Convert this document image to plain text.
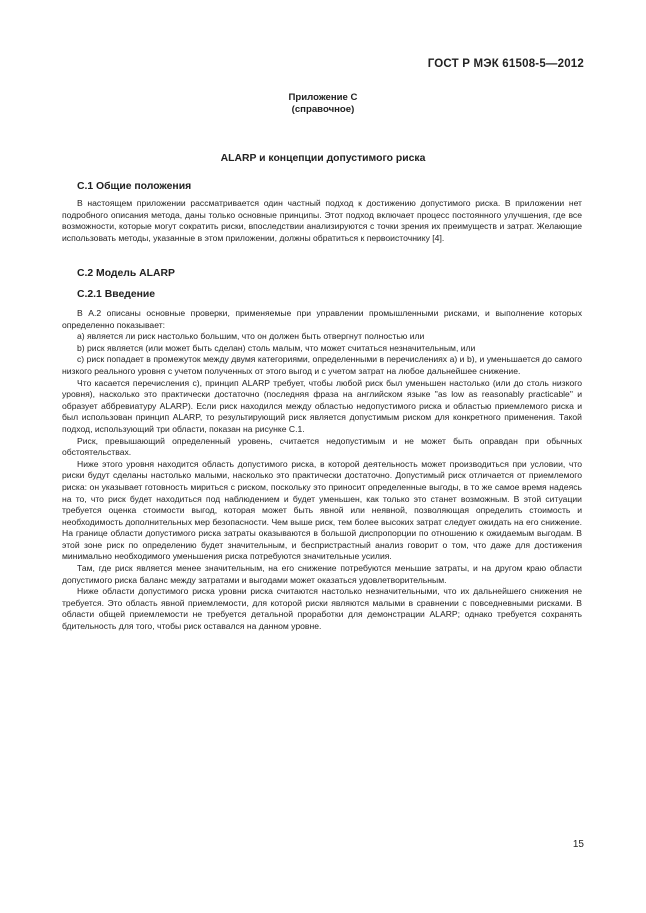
ГОСТ Р МЭК 61508-5—2012
Приложение С
(справочное)
ALARP и концепции допустимого риска
С.1 Общие положения

В настоящем приложении рассматривается один частный подход к достижению допустимого риска. В приложении нет подробного описания метода, даны только основные принципы. Этот подход включает процесс постоянного улучшения, где все возможности, которые могут сократить риски, впоследствии анализируются с точки зрения их преимуществ и затрат. Желающие использовать методы, указанные в этом приложении, должны обратиться к первоисточнику [4].

С.2 Модель ALARP
С.2.1 Введение

В А.2 описаны основные проверки, применяемые при управлении промышленными рисками, и выполнение которых определенно показывает:

а) является ли риск настолько большим, что он должен быть отвергнут полностью или

b) риск является (или может быть сделан) столь малым, что может считаться незначительным, или

с) риск попадает в промежуток между двумя категориями, определенными в перечислениях а) и b), и уменьшается до самого низкого реального уровня с учетом полученных от этого выгод и с учетом затрат на любое дальнейшее снижение.

Что касается перечисления с), принцип ALARP требует, чтобы любой риск был уменьшен настолько (или до столь низкого уровня), насколько это практически достаточно (последняя фраза на английском языке "as low as reasonably practicable" и образует аббревиатуру ALARP). Если риск находился между областью недопустимого риска и областью приемлемого риска и был использован принцип ALARP, то результирующий риск является допустимым риском для конкретного применения. Такой подход, использующий три области, показан на рисунке С.1.

Риск, превышающий определенный уровень, считается недопустимым и не может быть оправдан при обычных обстоятельствах.

Ниже этого уровня находится область допустимого риска, в которой деятельность может производиться при условии, что риски будут сделаны настолько малыми, насколько это практически достаточно. Допустимый риск отличается от приемлемого риска: он указывает готовность мириться с риском, поскольку это приносит определенные выгоды, в то же самое время надеясь на то, что риск будет находиться под наблюдением и будет уменьшен, как только это станет возможным. В этой ситуации требуется оценка стоимости выгод, которая может быть явной или неявной, позволяющая определить стоимость и необходимость дополнительных мер безопасности. Чем выше риск, тем более высоких затрат следует ожидать на его снижение. На границе области допустимого риска затраты оказываются в большой диспропорции по отношению к ожидаемым выгодам. В этой зоне риск по определению будет значительным, и беспристрастный анализ говорит о том, что даже для достижения минимально необходимого уменьшения риска потребуются значительные усилия.

Там, где риск является менее значительным, на его снижение потребуются меньшие затраты, и на другом краю области допустимого риска баланс между затратами и выгодами может оказаться удовлетворительным.

Ниже области допустимого риска уровни риска считаются настолько незначительными, что их дальнейшего снижения не требуется. Это область явной приемлемости, для которой риски являются малыми в сравнении с повседневными рисками. В области общей приемлемости не требуется детальной проработки для демонстрации ALARP; однако требуется сохранять бдительность для того, чтобы риск оставался на данном уровне.

15
